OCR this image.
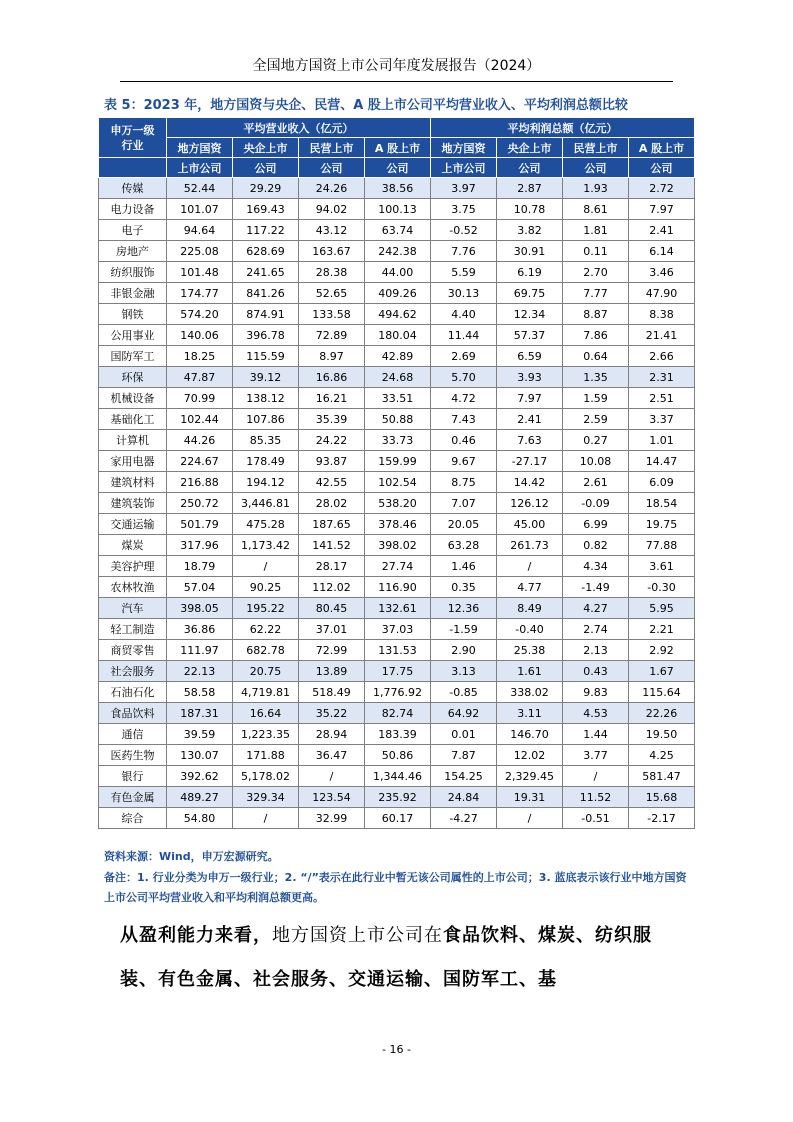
全国地方国资上市公司年度发展报告（2024）
表 5：2023 年，地方国资与央企、民营、A 股上市公司平均营业收入、平均利润总额比较
申万一级
行业	平均营业收入（亿元）				平均利润总额（亿元）			
	地方国资	央企上市	民营上市	A 股上市	地方国资	央企上市	民营上市	A 股上市
	上市公司	公司	公司	公司	上市公司	公司	公司	公司
传媒	52.44	29.29	24.26	38.56	3.97	2.87	1.93	2.72
电力设备	101.07	169.43	94.02	100.13	3.75	10.78	8.61	7.97
电子	94.64	117.22	43.12	63.74	-0.52	3.82	1.81	2.41
房地产	225.08	628.69	163.67	242.38	7.76	30.91	0.11	6.14
纺织服饰	101.48	241.65	28.38	44.00	5.59	6.19	2.70	3.46
非银金融	174.77	841.26	52.65	409.26	30.13	69.75	7.77	47.90
钢铁	574.20	874.91	133.58	494.62	4.40	12.34	8.87	8.38
公用事业	140.06	396.78	72.89	180.04	11.44	57.37	7.86	21.41
国防军工	18.25	115.59	8.97	42.89	2.69	6.59	0.64	2.66
环保	47.87	39.12	16.86	24.68	5.70	3.93	1.35	2.31
机械设备	70.99	138.12	16.21	33.51	4.72	7.97	1.59	2.51
基础化工	102.44	107.86	35.39	50.88	7.43	2.41	2.59	3.37
计算机	44.26	85.35	24.22	33.73	0.46	7.63	0.27	1.01
家用电器	224.67	178.49	93.87	159.99	9.67	-27.17	10.08	14.47
建筑材料	216.88	194.12	42.55	102.54	8.75	14.42	2.61	6.09
建筑装饰	250.72	3,446.81	28.02	538.20	7.07	126.12	-0.09	18.54
交通运输	501.79	475.28	187.65	378.46	20.05	45.00	6.99	19.75
煤炭	317.96	1,173.42	141.52	398.02	63.28	261.73	0.82	77.88
美容护理	18.79	/	28.17	27.74	1.46	/	4.34	3.61
农林牧渔	57.04	90.25	112.02	116.90	0.35	4.77	-1.49	-0.30
汽车	398.05	195.22	80.45	132.61	12.36	8.49	4.27	5.95
轻工制造	36.86	62.22	37.01	37.03	-1.59	-0.40	2.74	2.21
商贸零售	111.97	682.78	72.99	131.53	2.90	25.38	2.13	2.92
社会服务	22.13	20.75	13.89	17.75	3.13	1.61	0.43	1.67
石油石化	58.58	4,719.81	518.49	1,776.92	-0.85	338.02	9.83	115.64
食品饮料	187.31	16.64	35.22	82.74	64.92	3.11	4.53	22.26
通信	39.59	1,223.35	28.94	183.39	0.01	146.70	1.44	19.50
医药生物	130.07	171.88	36.47	50.86	7.87	12.02	3.77	4.25
银行	392.62	5,178.02	/	1,344.46	154.25	2,329.45	/	581.47
有色金属	489.27	329.34	123.54	235.92	24.84	19.31	11.52	15.68
综合	54.80	/	32.99	60.17	-4.27	/	-0.51	-2.17
资料来源：Wind，申万宏源研究。
备注：1. 行业分类为申万一级行业；2. “/”表示在此行业中暂无该公司属性的上市公司；3. 蓝底表示该行业中地方国资上市公司平均营业收入和平均利润总额更高。
从盈利能力来看，地方国资上市公司在食品饮料、煤炭、纺织服装、有色金属、社会服务、交通运输、国防军工、基
- 16 -
